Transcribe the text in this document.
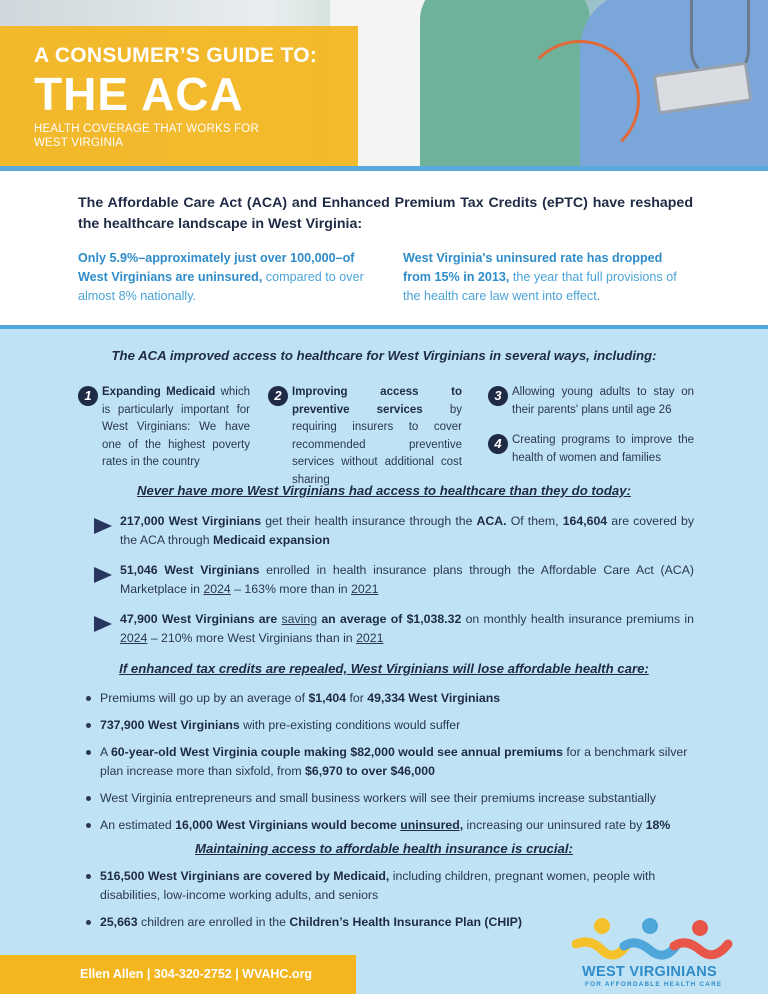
A CONSUMER’S GUIDE TO:
THE ACA
HEALTH COVERAGE THAT WORKS FOR WEST VIRGINIA
The Affordable Care Act (ACA) and Enhanced Premium Tax Credits (ePTC) have reshaped the healthcare landscape in West Virginia:
Only 5.9%–approximately just over 100,000–of West Virginians are uninsured, compared to over almost 8% nationally.
West Virginia's uninsured rate has dropped from 15% in 2013, the year that full provisions of the health care law went into effect.
The ACA improved access to healthcare for West Virginians in several ways, including:
1 Expanding Medicaid which is particularly important for West Virginians: We have one of the highest poverty rates in the country
2 Improving access to preventive services by requiring insurers to cover recommended preventive services without additional cost sharing
3 Allowing young adults to stay on their parents' plans until age 26
4 Creating programs to improve the health of women and families
Never have more West Virginians had access to healthcare than they do today:
217,000 West Virginians get their health insurance through the ACA. Of them, 164,604 are covered by the ACA through Medicaid expansion
51,046 West Virginians enrolled in health insurance plans through the Affordable Care Act (ACA) Marketplace in 2024 – 163% more than in 2021
47,900 West Virginians are saving an average of $1,038.32 on monthly health insurance premiums in 2024 – 210% more West Virginians than in 2021
If enhanced tax credits are repealed, West Virginians will lose affordable health care:
Premiums will go up by an average of $1,404 for 49,334 West Virginians
737,900 West Virginians with pre-existing conditions would suffer
A 60-year-old West Virginia couple making $82,000 would see annual premiums for a benchmark silver plan increase more than sixfold, from $6,970 to over $46,000
West Virginia entrepreneurs and small business workers will see their premiums increase substantially
An estimated 16,000 West Virginians would become uninsured, increasing our uninsured rate by 18%
Maintaining access to affordable health insurance is crucial:
516,500 West Virginians are covered by Medicaid, including children, pregnant women, people with disabilities, low-income working adults, and seniors
25,663 children are enrolled in the Children’s Health Insurance Plan (CHIP)
Ellen Allen | 304-320-2752 | WVAHC.org	WEST VIRGINIANS
FOR AFFORDABLE HEALTH CARE
